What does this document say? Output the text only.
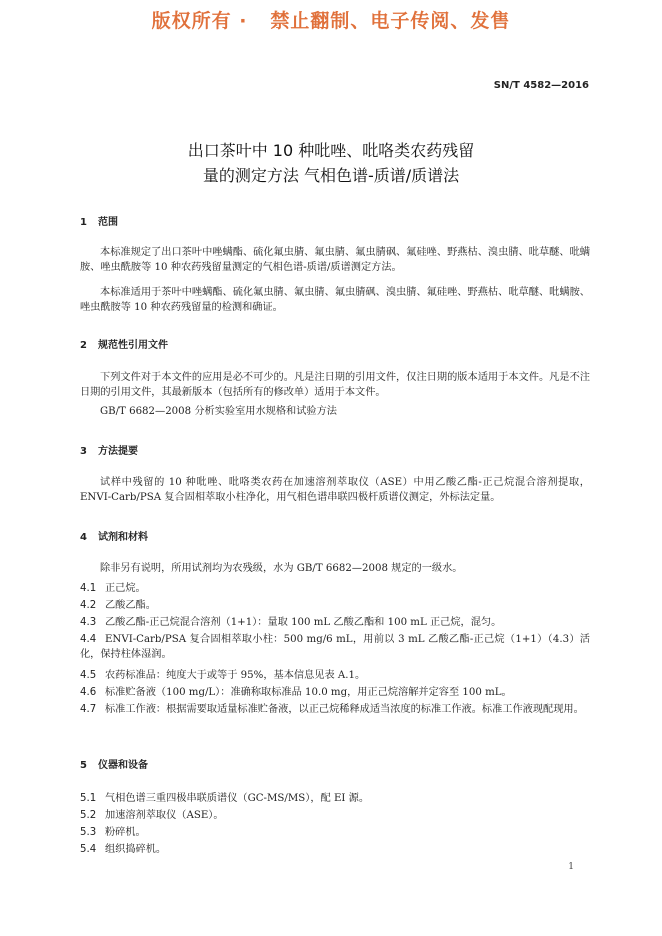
版权所有 ·   禁止翻制、电子传阅、发售
SN/T 4582—2016
出口茶叶中 10 种吡唑、吡咯类农药残留
量的测定方法 气相色谱-质谱/质谱法
1 范围
本标准规定了出口茶叶中唑螨酯、硫化氟虫腈、氟虫腈、氟虫腈砜、氟硅唑、野燕枯、溴虫腈、吡草醚、吡螨胺、唑虫酰胺等 10 种农药残留量测定的气相色谱-质谱/质谱测定方法。
本标准适用于茶叶中唑螨酯、硫化氟虫腈、氟虫腈、氟虫腈砜、溴虫腈、氟硅唑、野燕枯、吡草醚、吡螨胺、唑虫酰胺等 10 种农药残留量的检测和确证。
2 规范性引用文件
下列文件对于本文件的应用是必不可少的。凡是注日期的引用文件，仅注日期的版本适用于本文件。凡是不注日期的引用文件，其最新版本（包括所有的修改单）适用于本文件。
GB/T 6682—2008 分析实验室用水规格和试验方法
3 方法提要
试样中残留的 10 种吡唑、吡咯类农药在加速溶剂萃取仪（ASE）中用乙酸乙酯-正己烷混合溶剂提取，ENVI-Carb/PSA 复合固相萃取小柱净化，用气相色谱串联四极杆质谱仪测定，外标法定量。
4 试剂和材料
除非另有说明，所用试剂均为农残级，水为 GB/T 6682—2008 规定的一级水。
4.1 正己烷。
4.2 乙酸乙酯。
4.3 乙酸乙酯-正己烷混合溶剂（1+1）：量取 100 mL 乙酸乙酯和 100 mL 正己烷，混匀。
4.4 ENVI-Carb/PSA 复合固相萃取小柱：500 mg/6 mL，用前以 3 mL 乙酸乙酯-正己烷（1+1）（4.3）活化，保持柱体湿润。
4.5 农药标准品：纯度大于或等于 95%，基本信息见表 A.1。
4.6 标准贮备液（100 mg/L）：准确称取标准品 10.0 mg，用正己烷溶解并定容至 100 mL。
4.7 标准工作液：根据需要取适量标准贮备液，以正己烷稀释成适当浓度的标准工作液。标准工作液现配现用。
5 仪器和设备
5.1 气相色谱三重四极串联质谱仪（GC-MS/MS），配 EI 源。
5.2 加速溶剂萃取仪（ASE）。
5.3 粉碎机。
5.4 组织捣碎机。
1
